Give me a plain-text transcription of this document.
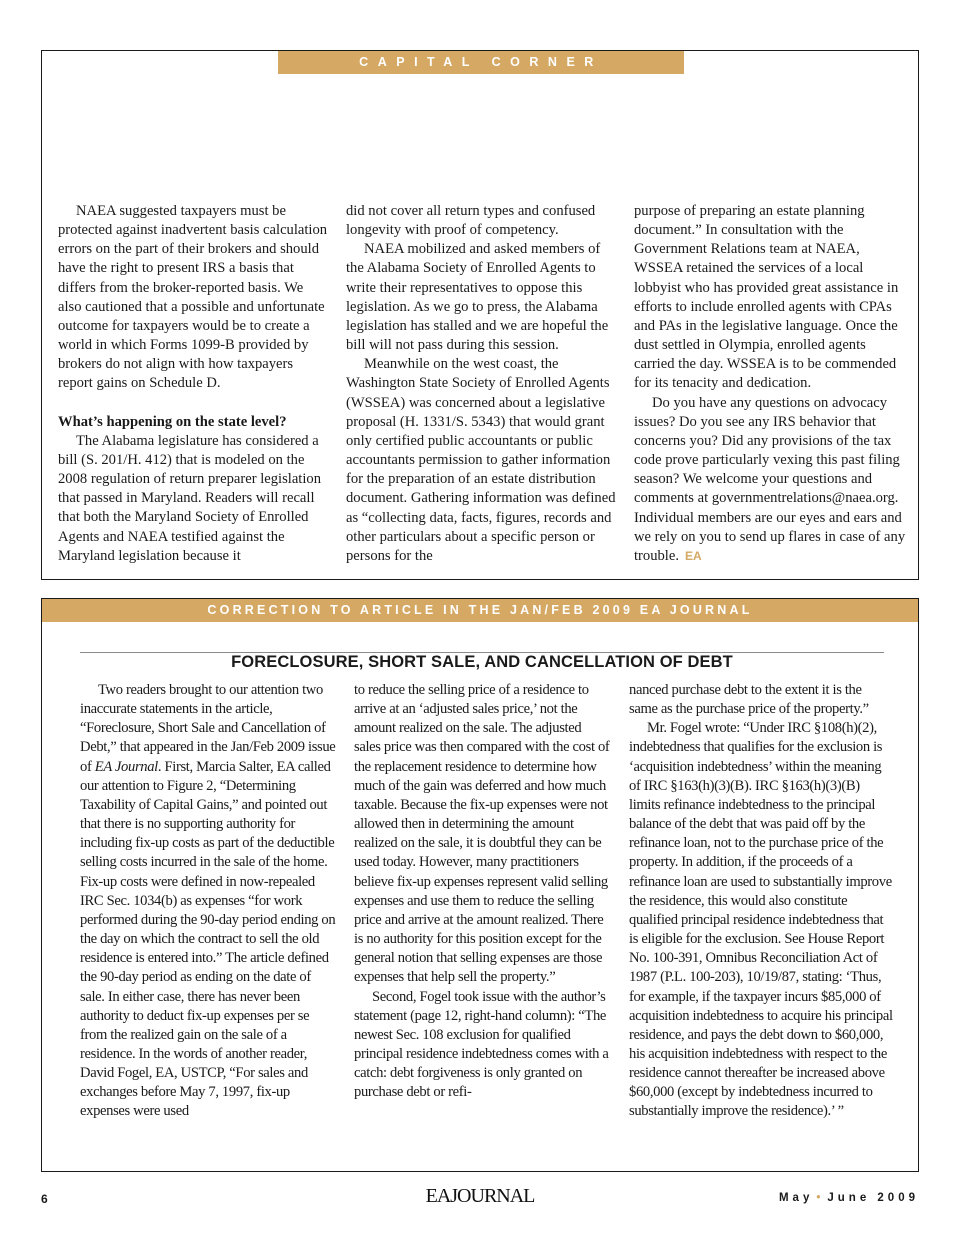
CAPITAL CORNER

NAEA suggested taxpayers must be protected against inadvertent basis calculation errors on the part of their brokers and should have the right to present IRS a basis that differs from the broker-reported basis. We also cautioned that a possible and unfortunate outcome for taxpayers would be to create a world in which Forms 1099-B provided by brokers do not align with how taxpayers report gains on Schedule D.

What’s happening on the state level?

The Alabama legislature has considered a bill (S. 201/H. 412) that is modeled on the 2008 regulation of return preparer legislation that passed in Maryland. Readers will recall that both the Maryland Society of Enrolled Agents and NAEA testified against the Maryland legislation because it

did not cover all return types and confused longevity with proof of competency.

NAEA mobilized and asked members of the Alabama Society of Enrolled Agents to write their representatives to oppose this legislation. As we go to press, the Alabama legislation has stalled and we are hopeful the bill will not pass during this session.

Meanwhile on the west coast, the Washington State Society of Enrolled Agents (WSSEA) was concerned about a legislative proposal (H. 1331/S. 5343) that would grant only certified public accountants or public accountants permission to gather information for the preparation of an estate distribution document. Gathering information was defined as “collecting data, facts, figures, records and other particulars about a specific person or persons for the

purpose of preparing an estate planning document.” In consultation with the Government Relations team at NAEA, WSSEA retained the services of a local lobbyist who has provided great assistance in efforts to include enrolled agents with CPAs and PAs in the legislative language. Once the dust settled in Olympia, enrolled agents carried the day. WSSEA is to be commended for its tenacity and dedication.

Do you have any questions on advocacy issues? Do you see any IRS behavior that concerns you? Did any provisions of the tax code prove particularly vexing this past filing season? We welcome your questions and comments at governmentrelations@naea.org. Individual members are our eyes and ears and we rely on you to send up flares in case of any trouble. EA

CORRECTION TO ARTICLE IN THE JAN/FEB 2009 EA JOURNAL
FORECLOSURE, SHORT SALE, AND CANCELLATION OF DEBT

Two readers brought to our attention two inaccurate statements in the article, “Foreclosure, Short Sale and Cancellation of Debt,” that appeared in the Jan/Feb 2009 issue of EA Journal. First, Marcia Salter, EA called our attention to Figure 2, “Determining Taxability of Capital Gains,” and pointed out that there is no supporting authority for including fix-up costs as part of the deductible selling costs incurred in the sale of the home. Fix-up costs were defined in now-repealed IRC Sec. 1034(b) as expenses “for work performed during the 90-day period ending on the day on which the contract to sell the old residence is entered into.” The article defined the 90-day period as ending on the date of sale. In either case, there has never been authority to deduct fix-up expenses per se from the realized gain on the sale of a residence. In the words of another reader, David Fogel, EA, USTCP, “For sales and exchanges before May 7, 1997, fix-up expenses were used

to reduce the selling price of a residence to arrive at an ‘adjusted sales price,’ not the amount realized on the sale. The adjusted sales price was then compared with the cost of the replacement residence to determine how much of the gain was deferred and how much taxable. Because the fix-up expenses were not allowed then in determining the amount realized on the sale, it is doubtful they can be used today. However, many practitioners believe fix-up expenses represent valid selling expenses and use them to reduce the selling price and arrive at the amount realized. There is no authority for this position except for the general notion that selling expenses are those expenses that help sell the property.”

Second, Fogel took issue with the author’s statement (page 12, right-hand column): “The newest Sec. 108 exclusion for qualified principal residence indebtedness comes with a catch: debt forgiveness is only granted on purchase debt or refi-

nanced purchase debt to the extent it is the same as the purchase price of the property.”

Mr. Fogel wrote: “Under IRC §108(h)(2), indebtedness that qualifies for the exclusion is ‘acquisition indebtedness’ within the meaning of IRC §163(h)(3)(B). IRC §163(h)(3)(B) limits refinance indebtedness to the principal balance of the debt that was paid off by the refinance loan, not to the purchase price of the property. In addition, if the proceeds of a refinance loan are used to substantially improve the residence, this would also constitute qualified principal residence indebtedness that is eligible for the exclusion. See House Report No. 100-391, Omnibus Reconciliation Act of 1987 (P.L. 100-203), 10/19/87, stating: ‘Thus, for example, if the taxpayer incurs $85,000 of acquisition indebtedness to acquire his principal residence, and pays the debt down to $60,000, his acquisition indebtedness with respect to the residence cannot thereafter be increased above $60,000 (except by indebtedness incurred to substantially improve the residence).’ ”

6	EAJOURNAL	May • June 2009
